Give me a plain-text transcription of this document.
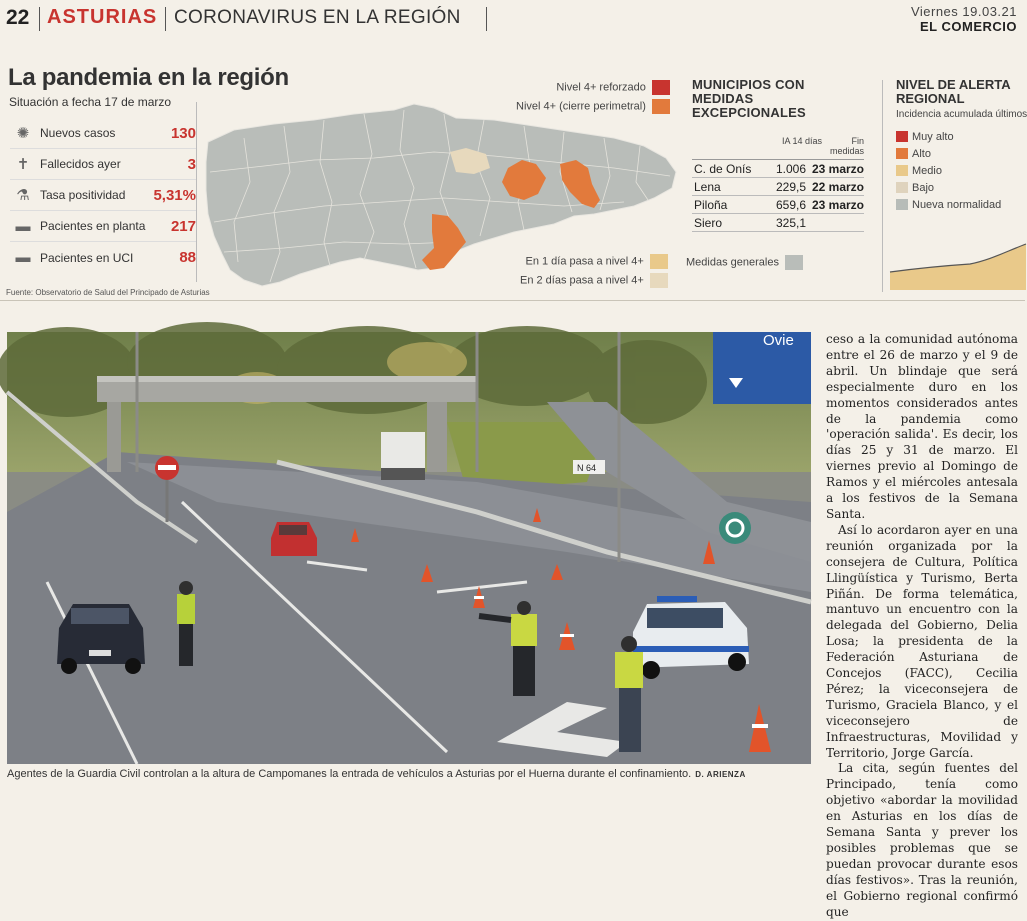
22 ASTURIAS CORONAVIRUS EN LA REGIÓN	Viernes 19.03.21
EL COMERCIO
La pandemia en la región
Situación a fecha 17 de marzo
✺ Nuevos casos	130
✝ Fallecidos ayer	3
⚗ Tasa positividad	5,31%
▬ Pacientes en planta	217
▬ Pacientes en UCI	88
Fuente: Observatorio de Salud del Principado de Asturias
Nivel 4+ reforzado
Nivel 4+ (cierre perimetral)
En 1 día pasa a nivel 4+
En 2 días pasa a nivel 4+
Medidas generales
MUNICIPIOS CON MEDIDAS EXCEPCIONALES
IA 14 días	Fin medidas
C. de Onís	1.006 23 marzo
Lena	229,5 22 marzo
Piloña	659,6 23 marzo
Siero	325,1
NIVEL DE ALERTA REGIONAL
Incidencia acumulada últimos
Muy alto
Alto
Medio
Bajo
Nueva normalidad
Ovie
N 64
Agentes de la Guardia Civil controlan a la altura de Campomanes la entrada de vehículos a Asturias por el Huerna durante el confinamiento. D. ARIENZA

ceso a la comunidad autónoma entre el 26 de marzo y el 9 de abril. Un blindaje que será especialmente duro en los momentos considerados antes de la pandemia como 'operación salida'. Es decir, los días 25 y 31 de marzo. El viernes previo al Domingo de Ramos y el miércoles antesala a los festivos de la Semana Santa.

Así lo acordaron ayer en una reunión organizada por la consejera de Cultura, Política Llingüística y Turismo, Berta Piñán. De forma telemática, mantuvo un encuentro con la delegada del Gobierno, Delia Losa; la presidenta de la Federación Asturiana de Concejos (FACC), Cecilia Pérez; la viceconsejera de Turismo, Graciela Blanco, y el viceconsejero de Infraestructuras, Movilidad y Territorio, Jorge García.

La cita, según fuentes del Principado, tenía como objetivo «abordar la movilidad en Asturias en los días de Semana Santa y prever los posibles problemas que se puedan provocar durante esos días festivos». Tras la reunión, el Gobierno regional confirmó que
